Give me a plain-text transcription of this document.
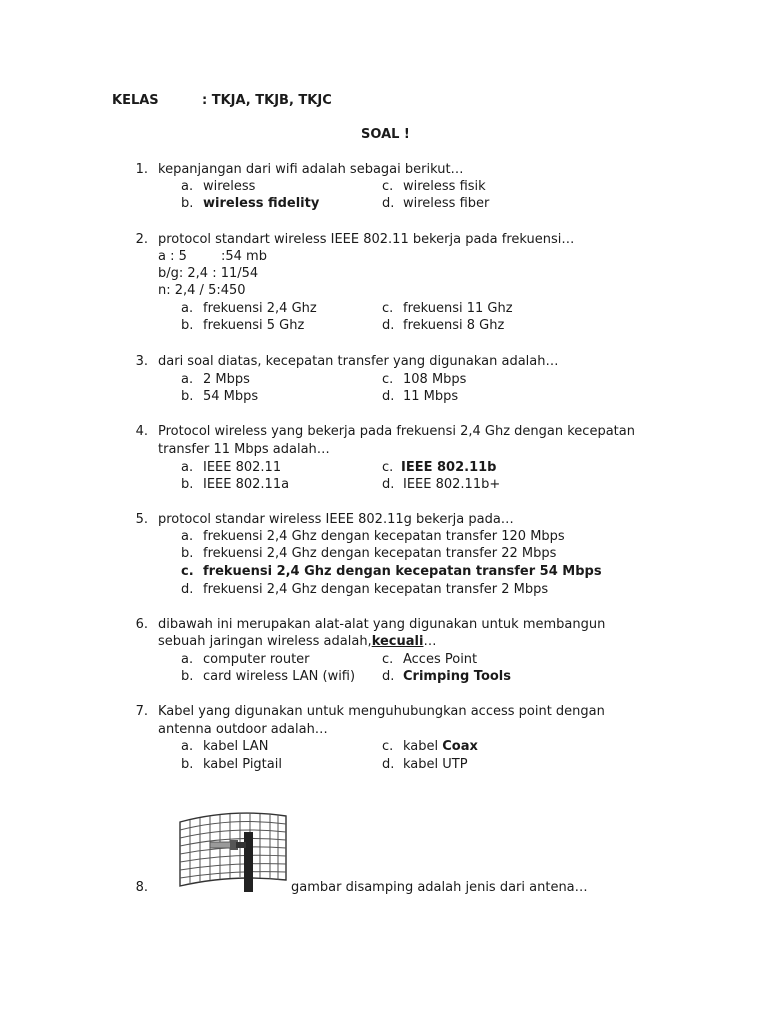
KELAS	: TKJA, TKJB, TKJC
SOAL !
1. kepanjangan dari wifi adalah sebagai berikut…
a. wireless	c. wireless fisik
b. wireless fidelity	d. wireless fiber
2. protocol standart wireless IEEE 802.11 bekerja pada frekuensi…
a : 5	:54 mb
b/g: 2,4 : 11/54
n: 2,4 / 5:450
a. frekuensi 2,4 Ghz	c. frekuensi 11 Ghz
b. frekuensi 5 Ghz	d. frekuensi 8 Ghz
3. dari soal diatas, kecepatan transfer yang digunakan adalah…
a. 2 Mbps	c. 108 Mbps
b. 54 Mbps	d. 11 Mbps
4. Protocol wireless yang bekerja pada frekuensi 2,4 Ghz dengan kecepatan
transfer 11 Mbps adalah…
a. IEEE 802.11	c. IEEE 802.11b
b. IEEE 802.11a	d. IEEE 802.11b+
5. protocol standar wireless IEEE 802.11g bekerja pada…
a. frekuensi 2,4 Ghz dengan kecepatan transfer 120 Mbps
b. frekuensi 2,4 Ghz dengan kecepatan transfer 22 Mbps
c. frekuensi 2,4 Ghz dengan kecepatan transfer 54 Mbps
d. frekuensi 2,4 Ghz dengan kecepatan transfer 2 Mbps
6. dibawah ini merupakan alat-alat yang digunakan untuk membangun
sebuah jaringan wireless adalah,kecuali…
a. computer router	c. Acces Point
b. card wireless LAN (wifi) d. Crimping Tools
7. Kabel yang digunakan untuk menguhubungkan access point dengan
antenna outdoor adalah…
a. kabel LAN	c. kabel Coax
b. kabel Pigtail	d. kabel UTP
8.	gambar disamping adalah jenis dari antena…
